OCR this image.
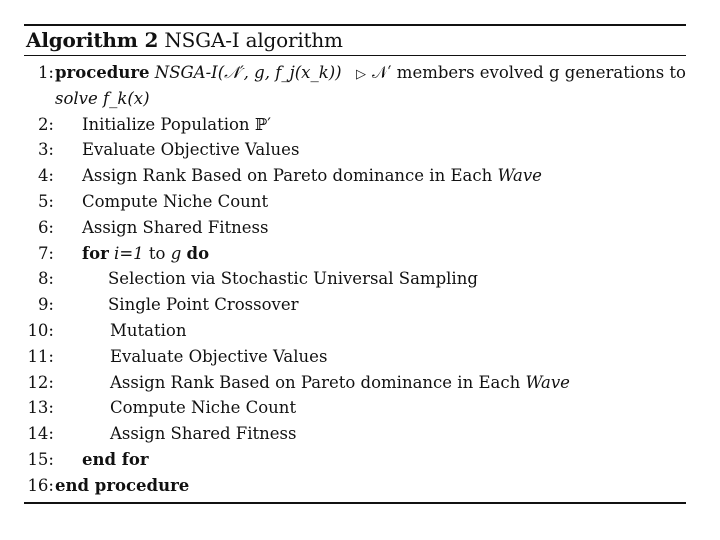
Algorithm 2 NSGA-I algorithm
1: procedure NSGA-I(𝒩′, g, f_j(x_k)) ▷ 𝒩′ members evolved g generations to
solve f_k(x)
2: Initialize Population ℙ′
3: Evaluate Objective Values
4: Assign Rank Based on Pareto dominance in Each Wave
5: Compute Niche Count
6: Assign Shared Fitness
7: for i=1 to g do
8:	Selection via Stochastic Universal Sampling
9:	Single Point Crossover
10:	Mutation
11:	Evaluate Objective Values
12:	Assign Rank Based on Pareto dominance in Each Wave
13:	Compute Niche Count
14:	Assign Shared Fitness
15: end for
16: end procedure
